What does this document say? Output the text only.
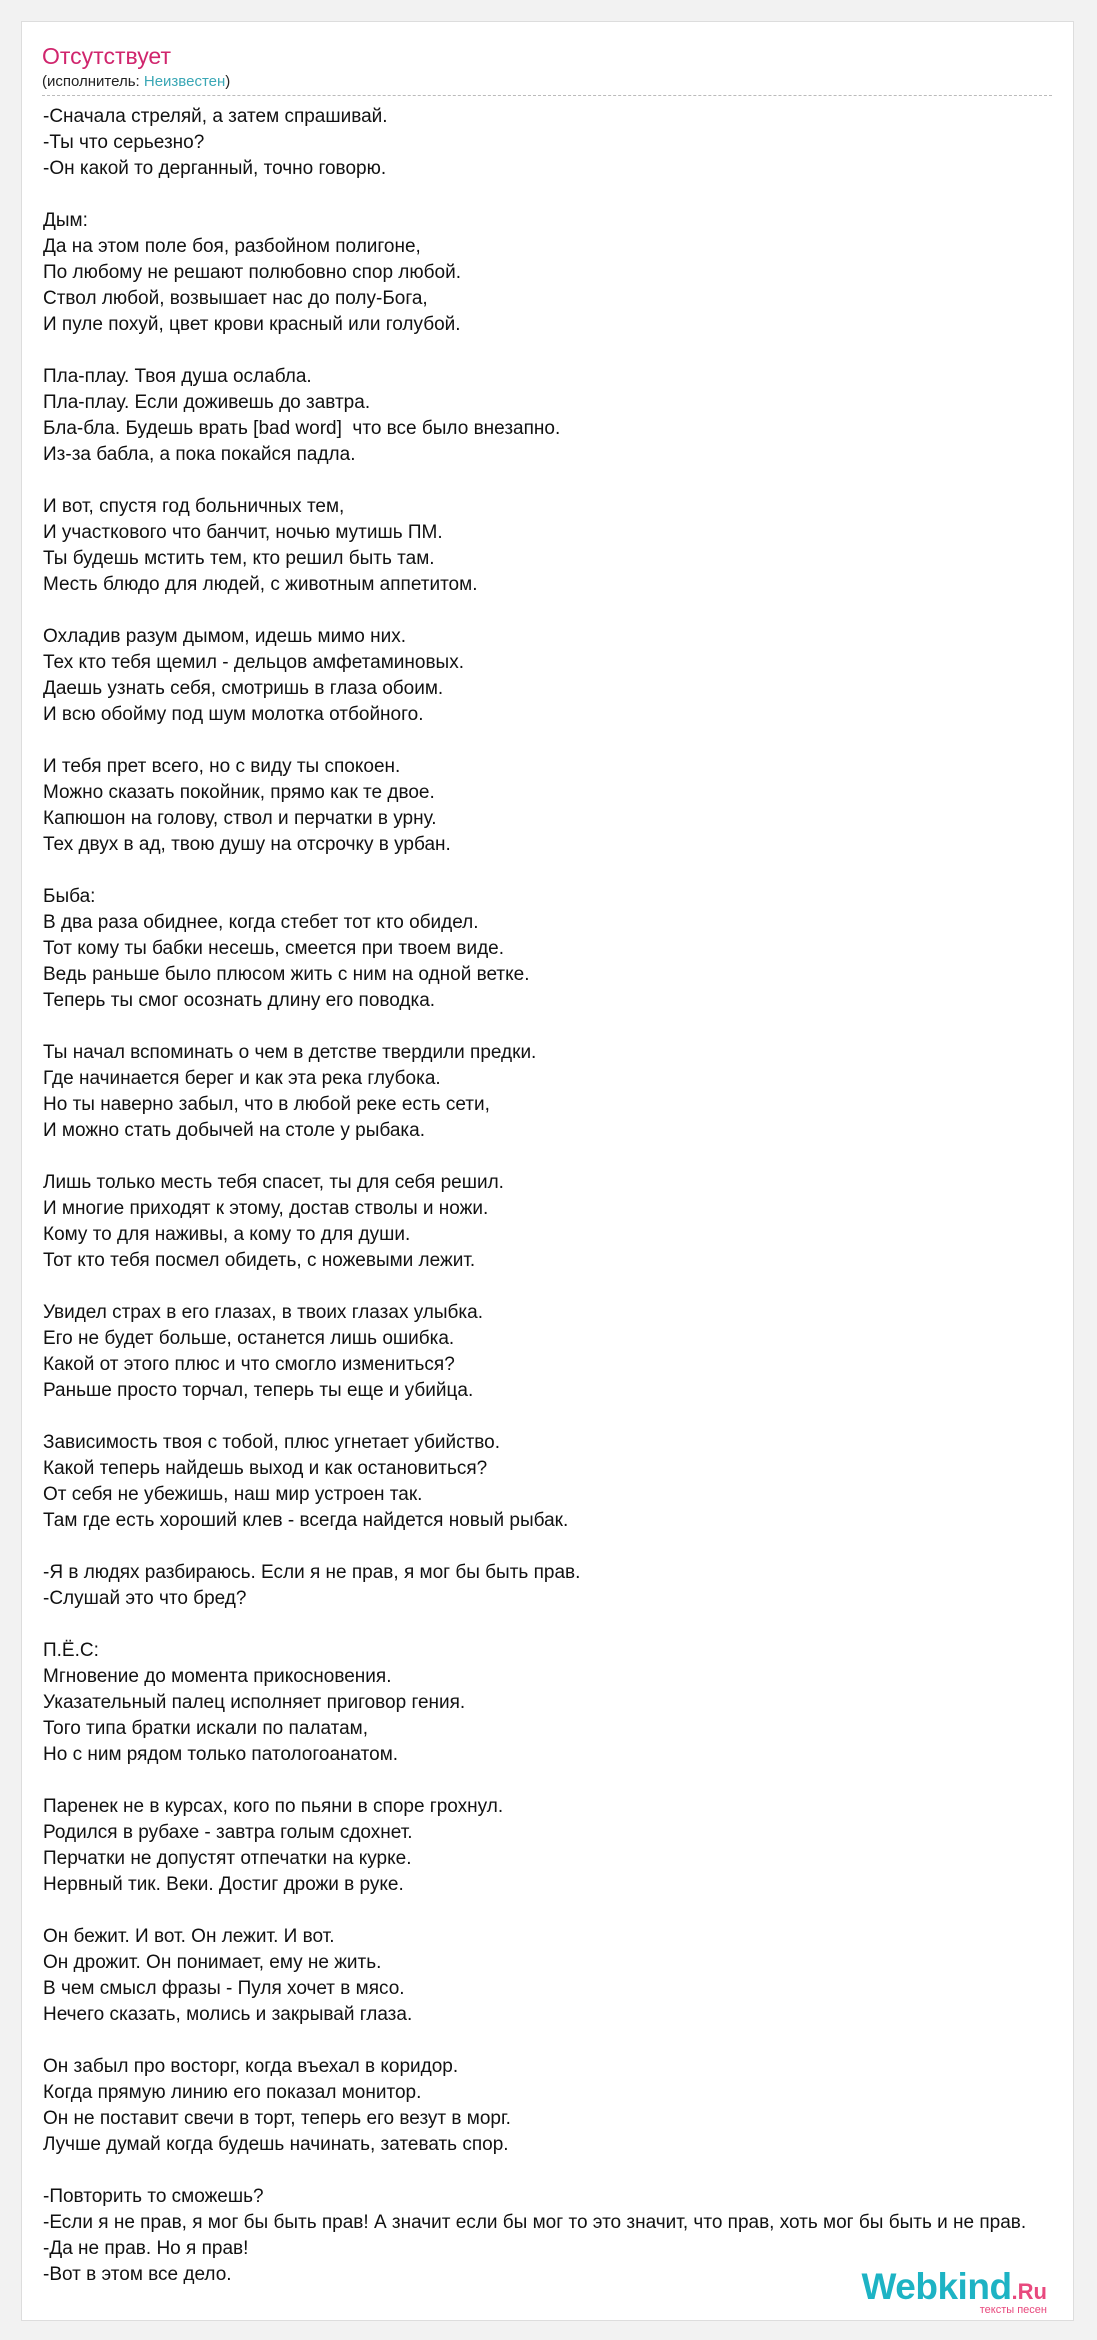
Отсутствует
(исполнитель: Неизвестен)
-Сначала стреляй, а затем спрашивай.
-Ты что серьезно?
-Он какой то дерганный, точно говорю.
Дым:
Да на этом поле боя, разбойном полигоне,
По любому не решают полюбовно спор любой.
Ствол любой, возвышает нас до полу-Бога,
И пуле похуй, цвет крови красный или голубой.
Пла-плау. Твоя душа ослабла.
Пла-плау. Если доживешь до завтра.
Бла-бла. Будешь врать [bad word]  что все было внезапно.
Из-за бабла, а пока покайся падла.
И вот, спустя год больничных тем,
И участкового что банчит, ночью мутишь ПМ.
Ты будешь мстить тем, кто решил быть там.
Месть блюдо для людей, с животным аппетитом.
Охладив разум дымом, идешь мимо них.
Тех кто тебя щемил - дельцов амфетаминовых.
Даешь узнать себя, смотришь в глаза обоим.
И всю обойму под шум молотка отбойного.
И тебя прет всего, но с виду ты спокоен.
Можно сказать покойник, прямо как те двое.
Капюшон на голову, ствол и перчатки в урну.
Тех двух в ад, твою душу на отсрочку в урбан.
Быба:
В два раза обиднее, когда стебет тот кто обидел.
Тот кому ты бабки несешь, смеется при твоем виде.
Ведь раньше было плюсом жить с ним на одной ветке.
Теперь ты смог осознать длину его поводка.
Ты начал вспоминать о чем в детстве твердили предки.
Где начинается берег и как эта река глубока.
Но ты наверно забыл, что в любой реке есть сети,
И можно стать добычей на столе у рыбака.
Лишь только месть тебя спасет, ты для себя решил.
И многие приходят к этому, достав стволы и ножи.
Кому то для наживы, а кому то для души.
Тот кто тебя посмел обидеть, с ножевыми лежит.
Увидел страх в его глазах, в твоих глазах улыбка.
Его не будет больше, останется лишь ошибка.
Какой от этого плюс и что смогло измениться?
Раньше просто торчал, теперь ты еще и убийца.
Зависимость твоя с тобой, плюс угнетает убийство.
Какой теперь найдешь выход и как остановиться?
От себя не убежишь, наш мир устроен так.
Там где есть хороший клев - всегда найдется новый рыбак.
-Я в людях разбираюсь. Если я не прав, я мог бы быть прав.
-Слушай это что бред?
П.Ё.С:
Мгновение до момента прикосновения.
Указательный палец исполняет приговор гения.
Того типа братки искали по палатам,
Но с ним рядом только патологоанатом.
Паренек не в курсах, кого по пьяни в споре грохнул.
Родился в рубахе - завтра голым сдохнет.
Перчатки не допустят отпечатки на курке.
Нервный тик. Веки. Достиг дрожи в руке.
Он бежит. И вот. Он лежит. И вот.
Он дрожит. Он понимает, ему не жить.
В чем смысл фразы - Пуля хочет в мясо.
Нечего сказать, молись и закрывай глаза.
Он забыл про восторг, когда въехал в коридор.
Когда прямую линию его показал монитор.
Он не поставит свечи в торт, теперь его везут в морг.
Лучше думай когда будешь начинать, затевать спор.
-Повторить то сможешь?
-Если я не прав, я мог бы быть прав! А значит если бы мог то это значит, что прав, хоть мог бы быть и не прав.
-Да не прав. Но я прав!
-Вот в этом все дело.	Webkind.Ru
тексты песен
